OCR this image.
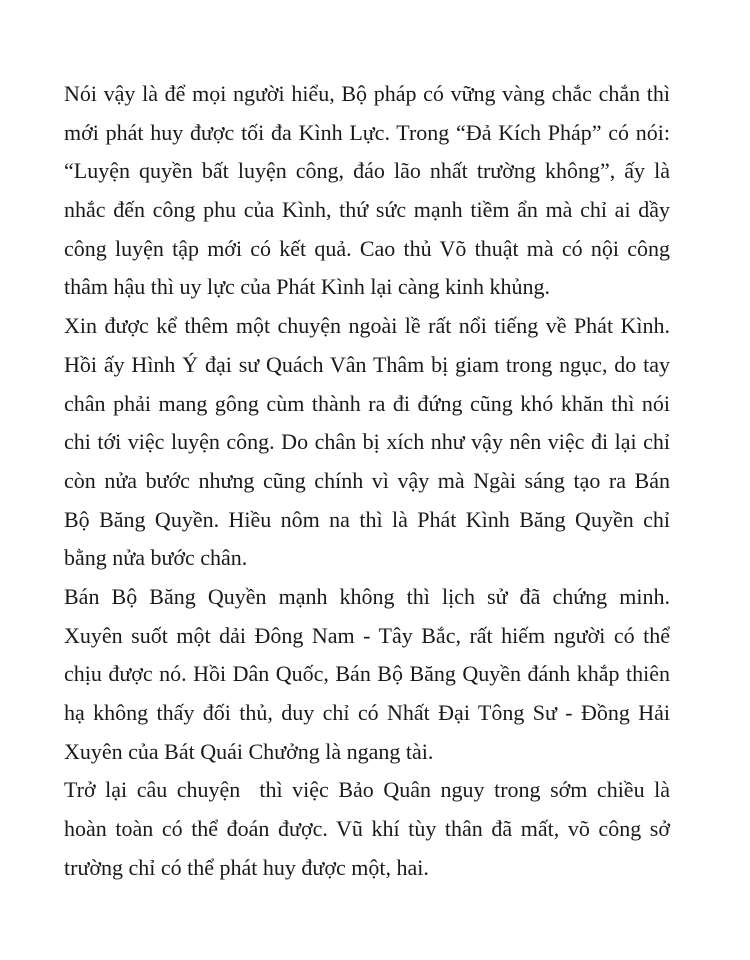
Nói vậy là để mọi người hiểu, Bộ pháp có vững vàng chắc chắn thì
mới phát huy được tối đa Kình Lực. Trong “Đả Kích Pháp” có nói:
“Luyện quyền bất luyện công, đáo lão nhất trường không”, ấy là
nhắc đến công phu của Kình, thứ sức mạnh tiềm ẩn mà chỉ ai dầy
công luyện tập mới có kết quả. Cao thủ Võ thuật mà có nội công
thâm hậu thì uy lực của Phát Kình lại càng kinh khủng.

Xin được kể thêm một chuyện ngoài lề rất nổi tiếng về Phát Kình.
Hồi ấy Hình Ý đại sư Quách Vân Thâm bị giam trong ngục, do tay
chân phải mang gông cùm thành ra đi đứng cũng khó khăn thì nói
chi tới việc luyện công. Do chân bị xích như vậy nên việc đi lại chỉ
còn nửa bước nhưng cũng chính vì vậy mà Ngài sáng tạo ra Bán
Bộ Băng Quyền. Hiều nôm na thì là Phát Kình Băng Quyền chỉ
bằng nửa bước chân.

Bán Bộ Băng Quyền mạnh không thì lịch sử đã chứng minh.
Xuyên suốt một dải Đông Nam - Tây Bắc, rất hiếm người có thể
chịu được nó. Hồi Dân Quốc, Bán Bộ Băng Quyền đánh khắp thiên
hạ không thấy đối thủ, duy chỉ có Nhất Đại Tông Sư - Đồng Hải
Xuyên của Bát Quái Chưởng là ngang tài.

Trở lại câu chuyện  thì việc Bảo Quân nguy trong sớm chiều là
hoàn toàn có thể đoán được. Vũ khí tùy thân đã mất, võ công sở
trường chỉ có thể phát huy được một, hai.
